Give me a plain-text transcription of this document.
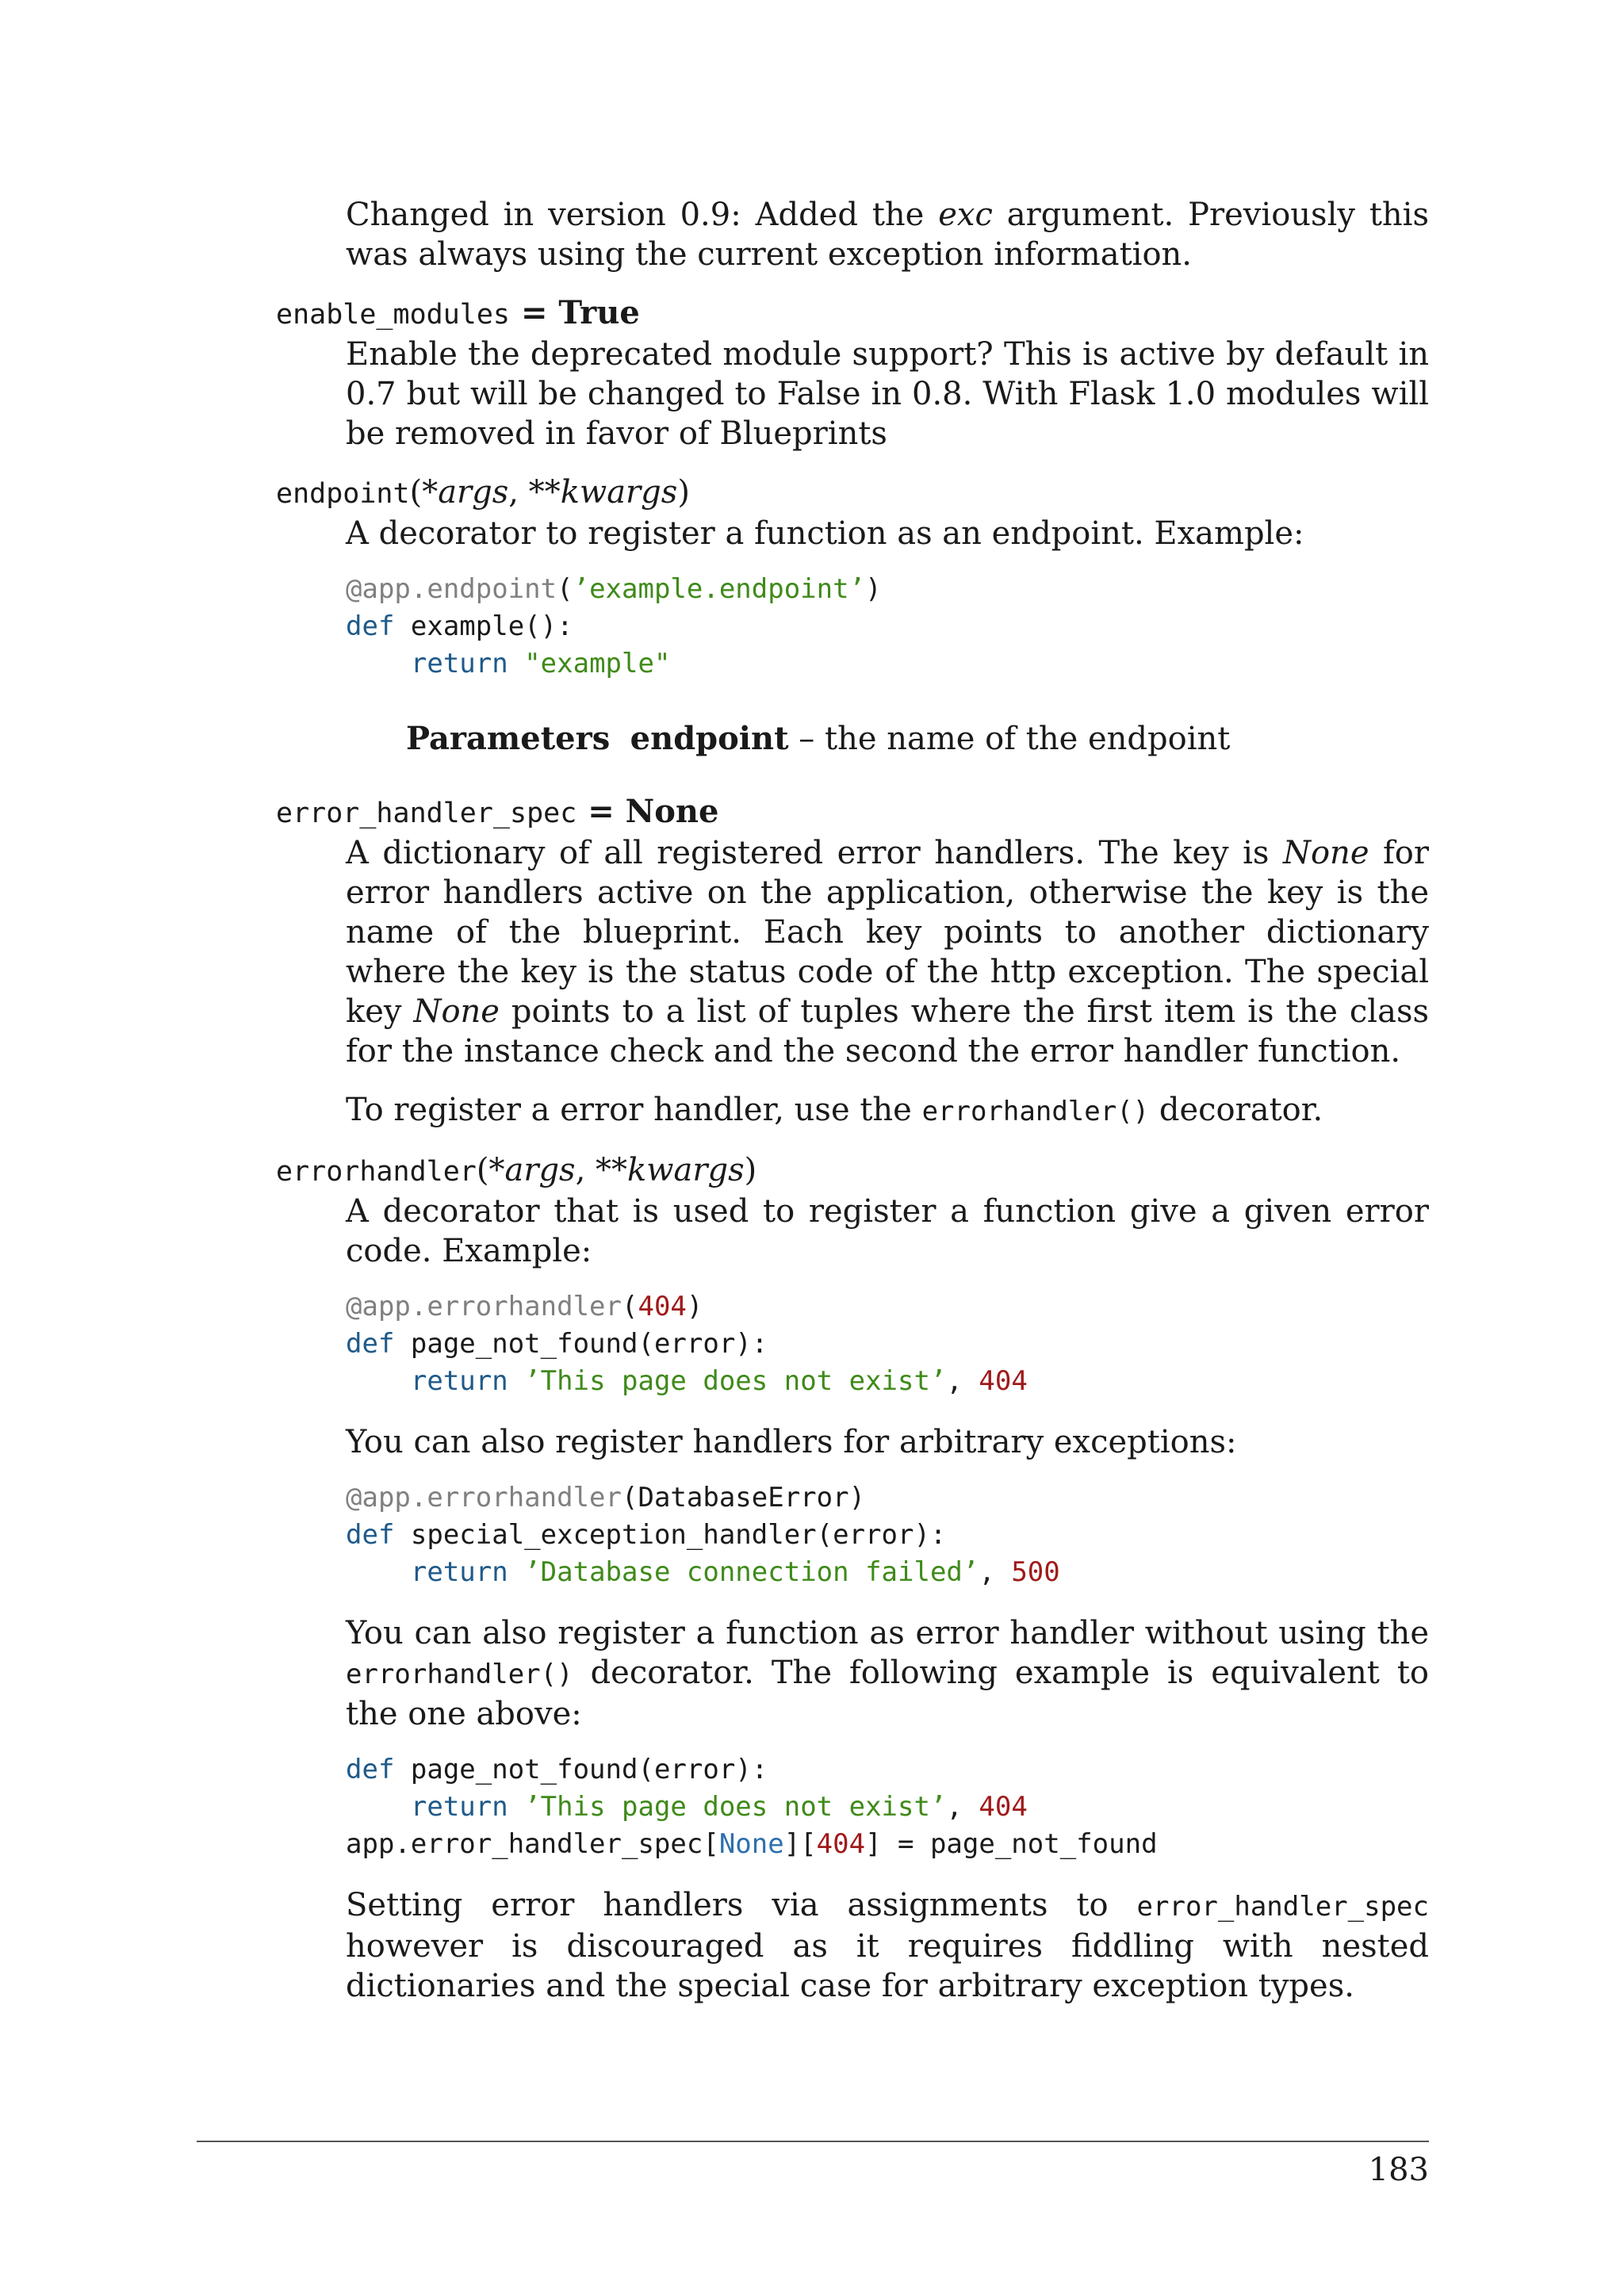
Changed in version 0.9: Added the exc argument. Previously this was always using the current exception information.

enable_modules = True

Enable the deprecated module support? This is active by default in 0.7 but will be changed to False in 0.8. With Flask 1.0 modules will be removed in favor of Blueprints

endpoint(*args, **kwargs)

A decorator to register a function as an endpoint. Example:

@app.endpoint(’example.endpoint’)
def example():
return "example"

Parameters endpoint – the name of the endpoint

error_handler_spec = None

A dictionary of all registered error handlers. The key is None for error handlers active on the application, otherwise the key is the name of the blueprint. Each key points to another dictionary where the key is the status code of the http exception. The special key None points to a list of tuples where the first item is the class for the instance check and the second the error handler function.

To register a error handler, use the errorhandler() decorator.

errorhandler(*args, **kwargs)

A decorator that is used to register a function give a given error code. Example:

@app.errorhandler(404)
def page_not_found(error):
return ’This page does not exist’, 404

You can also register handlers for arbitrary exceptions:

@app.errorhandler(DatabaseError)
def special_exception_handler(error):
return ’Database connection failed’, 500

You can also register a function as error handler without using the errorhandler() decorator. The following example is equivalent to the one above:

def page_not_found(error):
return ’This page does not exist’, 404
app.error_handler_spec[None][404] = page_not_found

Setting error handlers via assignments to error_handler_spec however is discouraged as it requires fiddling with nested dictionaries and the special case for arbitrary exception types.

183
